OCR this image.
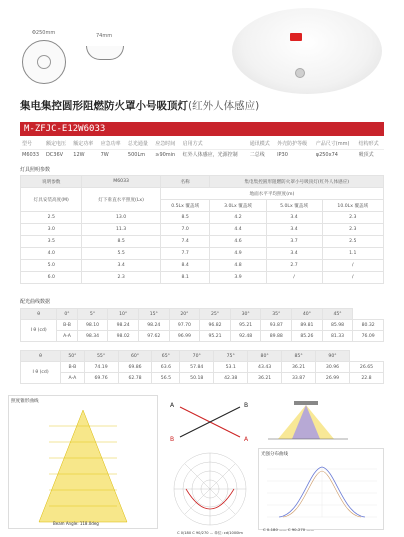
Φ250mm	74mm
集电集控圆形阻燃防火罩小号吸顶灯(红外人体感应)
M-ZFJC-E12W6033
型号	额定电压	额定功率	应急功率	总光通量	应急时间	启用方式	通讯模式	外壳防护等级	产品尺寸(mm)	结构形式
M6033	DC36V	12W	7W	500Lm	≥90min	红外人体感应，光源控制	二总线	IP30	φ250x74	吸顶式
灯具照明参数
说明参数	M6033	名称	集电集控圆形阻燃防火罩小号吸顶灯(红外人体感应)		
灯具安装高度(M)	灯下垂直水平照度(Lx)	地面水平平均照度(m)			
		0.5Lx 覆盖域	3.0Lx 覆盖域	5.0Lx 覆盖域	10.0Lx 覆盖域
2.5	13.0	8.5	4.2	3.4	2.3
3.0	11.3	7.0	4.4	3.4	2.3
3.5	8.5	7.4	4.6	3.7	2.5
4.0	5.5	7.7	4.9	3.4	1.1
5.0	3.4	8.4	4.8	2.7	/
6.0	2.3	8.1	3.9	/	/
配光曲线数据
θ	0°	5°	10°	15°	20°	25°	30°	35°	40°	45°	
I θ (cd)	B-B	98.10	98.24	98.24	97.70	96.82	95.21	93.87	89.81	85.98	80.32
	A-A	98.34	98.02	97.62	96.99	95.21	92.48	89.88	85.26	81.33	76.09
θ	50°	55°	60°	65°	70°	75°	80°	85°	90°	
I θ (cd)	B-B	74.19	69.86	63.6	57.84	53.1	43.43	36.21	30.96	26.65
	A-A	69.76	62.78	56.5	50.18	42.38	36.21	33.87	26.99	22.8
照度锥形曲线
Beam Angle: 118.0deg
A
A
B
B

C 0/180 C 90/270 ... 单位: cd/1000lm
光强分布曲线
C 0-180 —— C 90-270 ——
